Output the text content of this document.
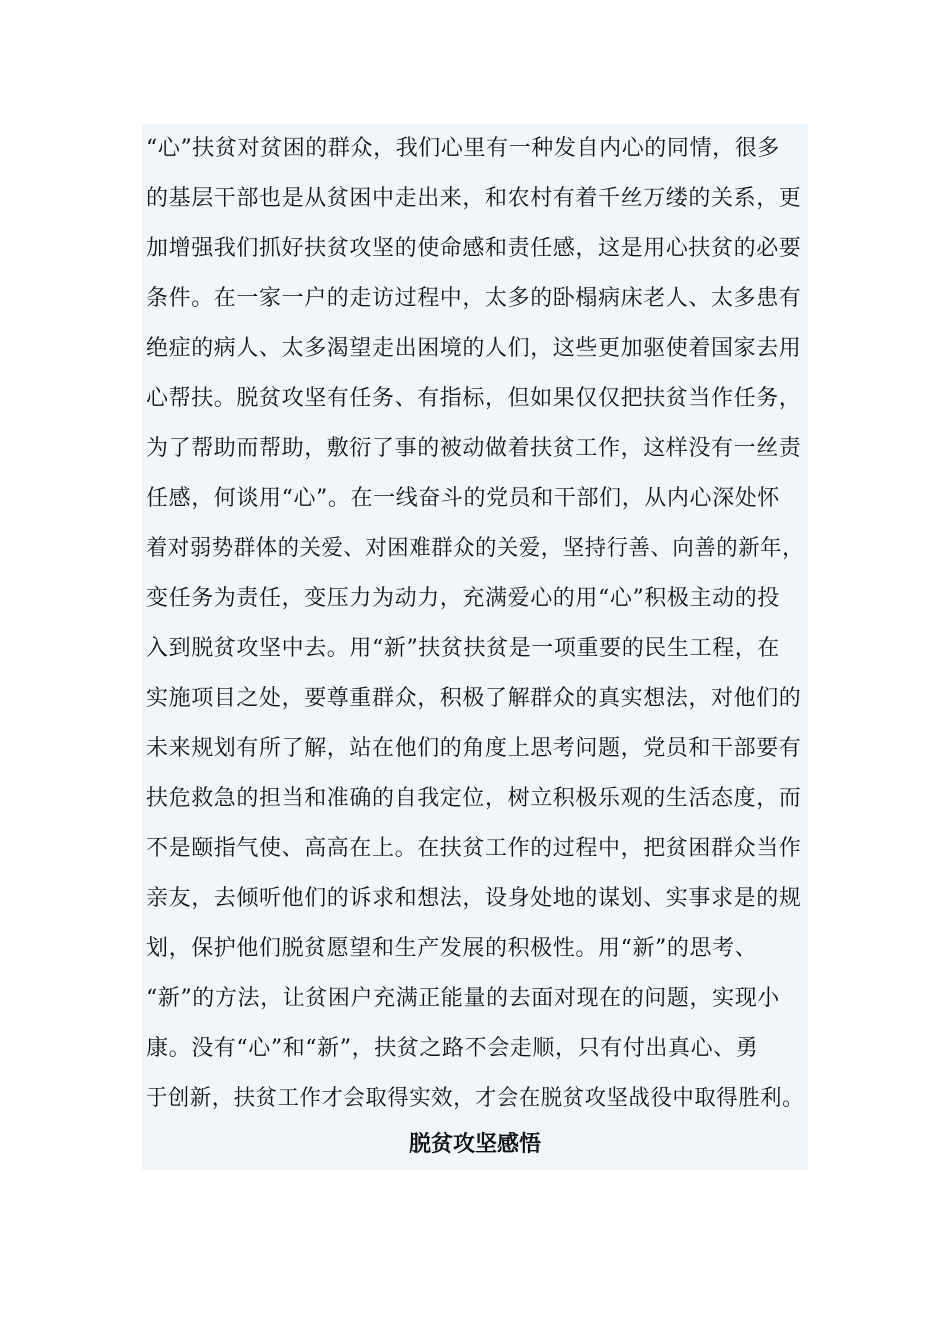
“心”扶贫对贫困的群众，我们心里有一种发自内心的同情，很多
的基层干部也是从贫困中走出来，和农村有着千丝万缕的关系，更
加增强我们抓好扶贫攻坚的使命感和责任感，这是用心扶贫的必要
条件。在一家一户的走访过程中，太多的卧榻病床老人、太多患有
绝症的病人、太多渴望走出困境的人们，这些更加驱使着国家去用
心帮扶。脱贫攻坚有任务、有指标，但如果仅仅把扶贫当作任务，
为了帮助而帮助，敷衍了事的被动做着扶贫工作，这样没有一丝责
任感，何谈用“心”。在一线奋斗的党员和干部们，从内心深处怀
着对弱势群体的关爱、对困难群众的关爱，坚持行善、向善的新年，
变任务为责任，变压力为动力，充满爱心的用“心”积极主动的投
入到脱贫攻坚中去。用“新”扶贫扶贫是一项重要的民生工程，在
实施项目之处，要尊重群众，积极了解群众的真实想法，对他们的
未来规划有所了解，站在他们的角度上思考问题，党员和干部要有
扶危救急的担当和准确的自我定位，树立积极乐观的生活态度，而
不是颐指气使、高高在上。在扶贫工作的过程中，把贫困群众当作
亲友，去倾听他们的诉求和想法，设身处地的谋划、实事求是的规
划，保护他们脱贫愿望和生产发展的积极性。用“新”的思考、
“新”的方法，让贫困户充满正能量的去面对现在的问题，实现小
康。没有“心”和“新”，扶贫之路不会走顺，只有付出真心、勇
于创新，扶贫工作才会取得实效，才会在脱贫攻坚战役中取得胜利。
脱贫攻坚感悟
